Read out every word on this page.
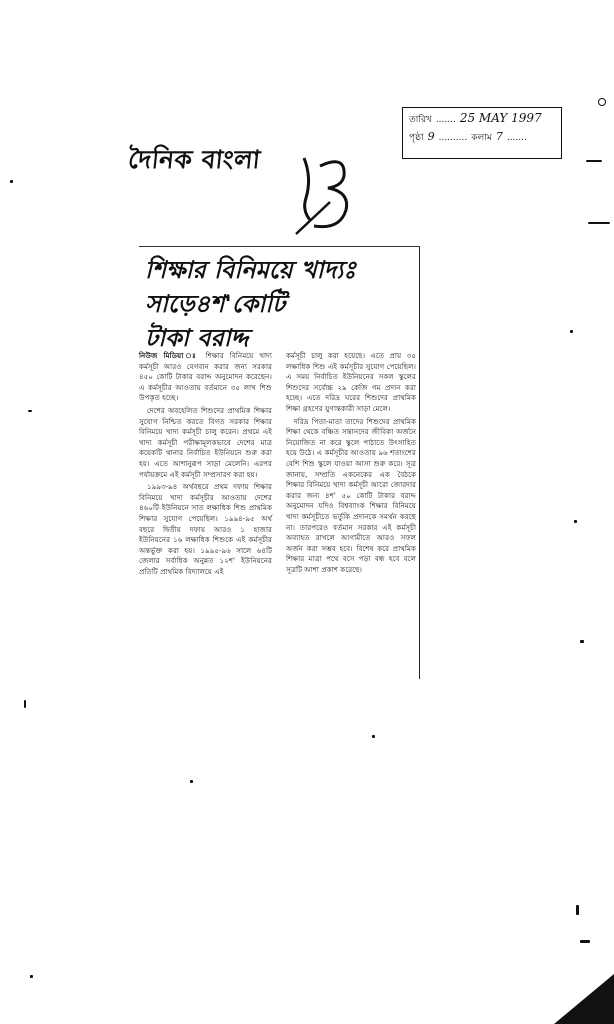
তারিখ ....... 25 MAY 1997
পৃষ্ঠা 9 .......... কলাম 7 .......
দৈনিক বাংলা
শিক্ষার বিনিময়ে খাদ্যঃ
সাড়ে৪শ'কোটি
টাকা বরাদ্দ

নিউজ মিডিয়া ঃ শিক্ষার বিনিময়ে খাদ্য কর্মসূচী আরও বেগবান করার জন্য সরকার ৪৫০ কোটি টাকার বরাদ্দ অনুমোদন করেছেন। এ কর্মসূচীর আওতায় বর্তমানে ৩৫ লাখ শিশু উপকৃত হচ্ছে।

দেশের অবহেলিত শিশুদের প্রাথমিক শিক্ষার সুযোগ নিশ্চিত করতে বিগত সরকার শিক্ষার বিনিময়ে খাদ্য কর্মসূচী চালু করেন। প্রথমে এই খাদ্য কর্মসূচী পরীক্ষামূলকভাবে দেশের মাত্র কয়েকটি থানার নির্বাচিত ইউনিয়নে শুরু করা হয়। এতে আশানুরূপ সাড়া মেলেনি। এরপর পর্যায়ক্রমে এই কর্মসূচী সম্প্রসারণ করা হয়।

১৯৯৩-৯৪ অর্থবছরে প্রথম দফায় শিক্ষার বিনিময়ে খাদ্য কর্মসূচীর আওতায় দেশের ৪৬০টি ইউনিয়নে সাত লক্ষাধিক শিশু প্রাথমিক শিক্ষার সুযোগ পেয়েছিল। ১৯৯৪-৯৫ অর্থ বছরে দ্বিতীয় দফায় আরও ১ হাজার ইউনিয়নের ১৬ লক্ষাধিক শিশুকে এই কর্মসূচীর অন্তর্ভুক্ত করা হয়। ১৯৯৫-৯৬ সালে ৬৪টি জেলার সর্বাধিক অনুন্নত ১২শ' ইউনিয়নের প্রতিটি প্রাথমিক বিদ্যালয়ে এই

কর্মসূচী চালু করা হয়েছে। এতে প্রায় ৩৫ লক্ষাধিক শিশু এই কর্মসূচীর সুযোগ পেয়েছিল। এ সময় নির্বাচিত ইউনিয়নের সকল স্কুলের শিশুদের সর্বোচ্চ ২৯ কেজি গম প্রদান করা হচ্ছে। এতে দরিদ্র ঘরের শিশুদের প্রাথমিক শিক্ষা গ্রহণের যুগান্তকারী সাড়া মেলে।

দরিদ্র পিতা-মাতা তাদের শিশুদের প্রাথমিক শিক্ষা থেকে বঞ্চিত সন্তানদের জীবিকা অর্জনে নিয়োজিত না করে স্কুলে পাঠাতে উৎসাহিত হয়ে উঠে। এ কর্মসূচীর আওতায় ৯৬ শতাংশের বেশি শিশু স্কুলে যাওয়া আসা শুরু করে। সূত্র জানায়, সম্প্রতি একনেকের এক বৈঠকে শিক্ষার বিনিময়ে খাদ্য কর্মসূচী আরো জোরদার করার জন্য ৪শ' ৫০ কোটি টাকার বরাদ্দ অনুমোদন যদিও বিশ্বব্যাংক শিক্ষার বিনিময়ে খাদ্য কর্মসূচীতে ভর্তুকি প্রদানকে সমর্থন করছে না। তারপরেও বর্তমান সরকার এই কর্মসূচী অব্যাহত রাখলে আগামীতে আরও সফল অর্জন করা সম্ভব হবে। বিশেষ করে প্রাথমিক শিক্ষার মাত্রা পথে বসে পড়া বন্ধ হবে বলে সূত্রটি আশা প্রকাশ করেছে।
